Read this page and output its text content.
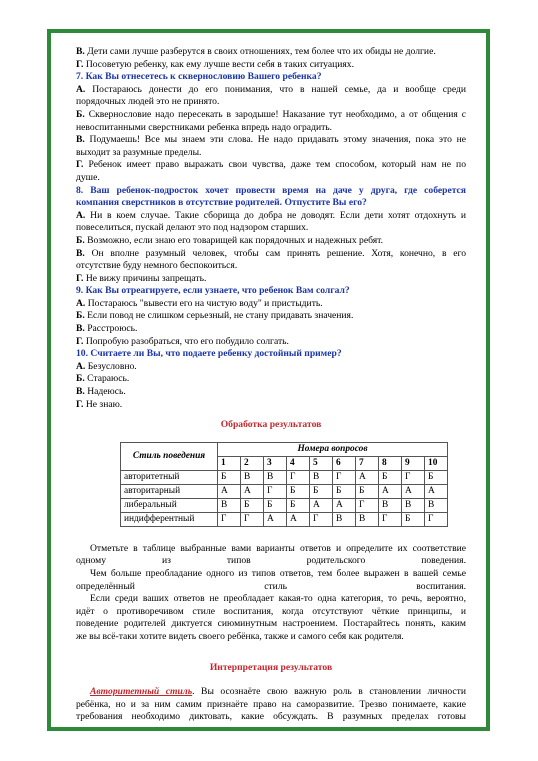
В. Дети сами лучше разберутся в своих отношениях, тем более что их обиды не долгие.
Г. Посоветую ребенку, как ему лучше вести себя в таких ситуациях.
7. Как Вы отнесетесь к сквернословию Вашего ребенка?
А. Постараюсь донести до его понимания, что в нашей семье, да и вообще среди
порядочных людей это не принято.
Б. Сквернословие надо пересекать в зародыше! Наказание тут необходимо, а от общения с
невоспитанными сверстниками ребенка впредь надо оградить.
В. Подумаешь! Все мы знаем эти слова. Не надо придавать этому значения, пока это не
выходит за разумные пределы.
Г. Ребенок имеет право выражать свои чувства, даже тем способом, который нам не по
душе.
8. Ваш ребенок-подросток хочет провести время на даче у друга, где соберется
компания сверстников в отсутствие родителей. Отпустите Вы его?
А. Ни в коем случае. Такие сборища до добра не доводят. Если дети хотят отдохнуть и
повеселиться, пускай делают это под надзором старших.
Б. Возможно, если знаю его товарищей как порядочных и надежных ребят.
В. Он вполне разумный человек, чтобы сам принять решение. Хотя, конечно, в его
отсутствие буду немного беспокоиться.
Г. Не вижу причины запрещать.
9. Как Вы отреагируете, если узнаете, что ребенок Вам солгал?
А. Постараюсь "вывести его на чистую воду" и пристыдить.
Б. Если повод не слишком серьезный, не стану придавать значения.
В. Расстроюсь.
Г. Попробую разобраться, что его побудило солгать.
10. Считаете ли Вы, что подаете ребенку достойный пример?
А. Безусловно.
Б. Стараюсь.
В. Надеюсь.
Г. Не знаю.
Обработка результатов
Стиль поведения	Номера вопросов									
	1	2	3	4	5	6	7	8	9	10
авторитетный	Б	В	В	Г	В	Г	А	Б	Г	Б
авторитарный	А	А	Г	Б	Б	Б	Б	А	А	А
либеральный	В	Б	Б	Б	А	А	Г	В	В	В
индифферентный	Г	Г	А	А	Г	В	В	Г	Б	Г
Отметьте в таблице выбранные вами варианты ответов и определите их соответствие
одному из типов родительского поведения.
Чем больше преобладание одного из типов ответов, тем более выражен в вашей семье
определённый стиль воспитания.
Если среди ваших ответов не преобладает какая-то одна категория, то речь, вероятно,
идёт о противоречивом стиле воспитания, когда отсутствуют чёткие принципы, и
поведение родителей диктуется сиюминутным настроением. Постарайтесь понять, каким
же вы всё-таки хотите видеть своего ребёнка, также и самого себя как родителя.
Интерпретация результатов
Авторитетный стиль. Вы осознаёте свою важную роль в становлении личности
ребёнка, но и за ним самим признаёте право на саморазвитие. Трезво понимаете, какие
требования необходимо диктовать, какие обсуждать. В разумных пределах готовы
